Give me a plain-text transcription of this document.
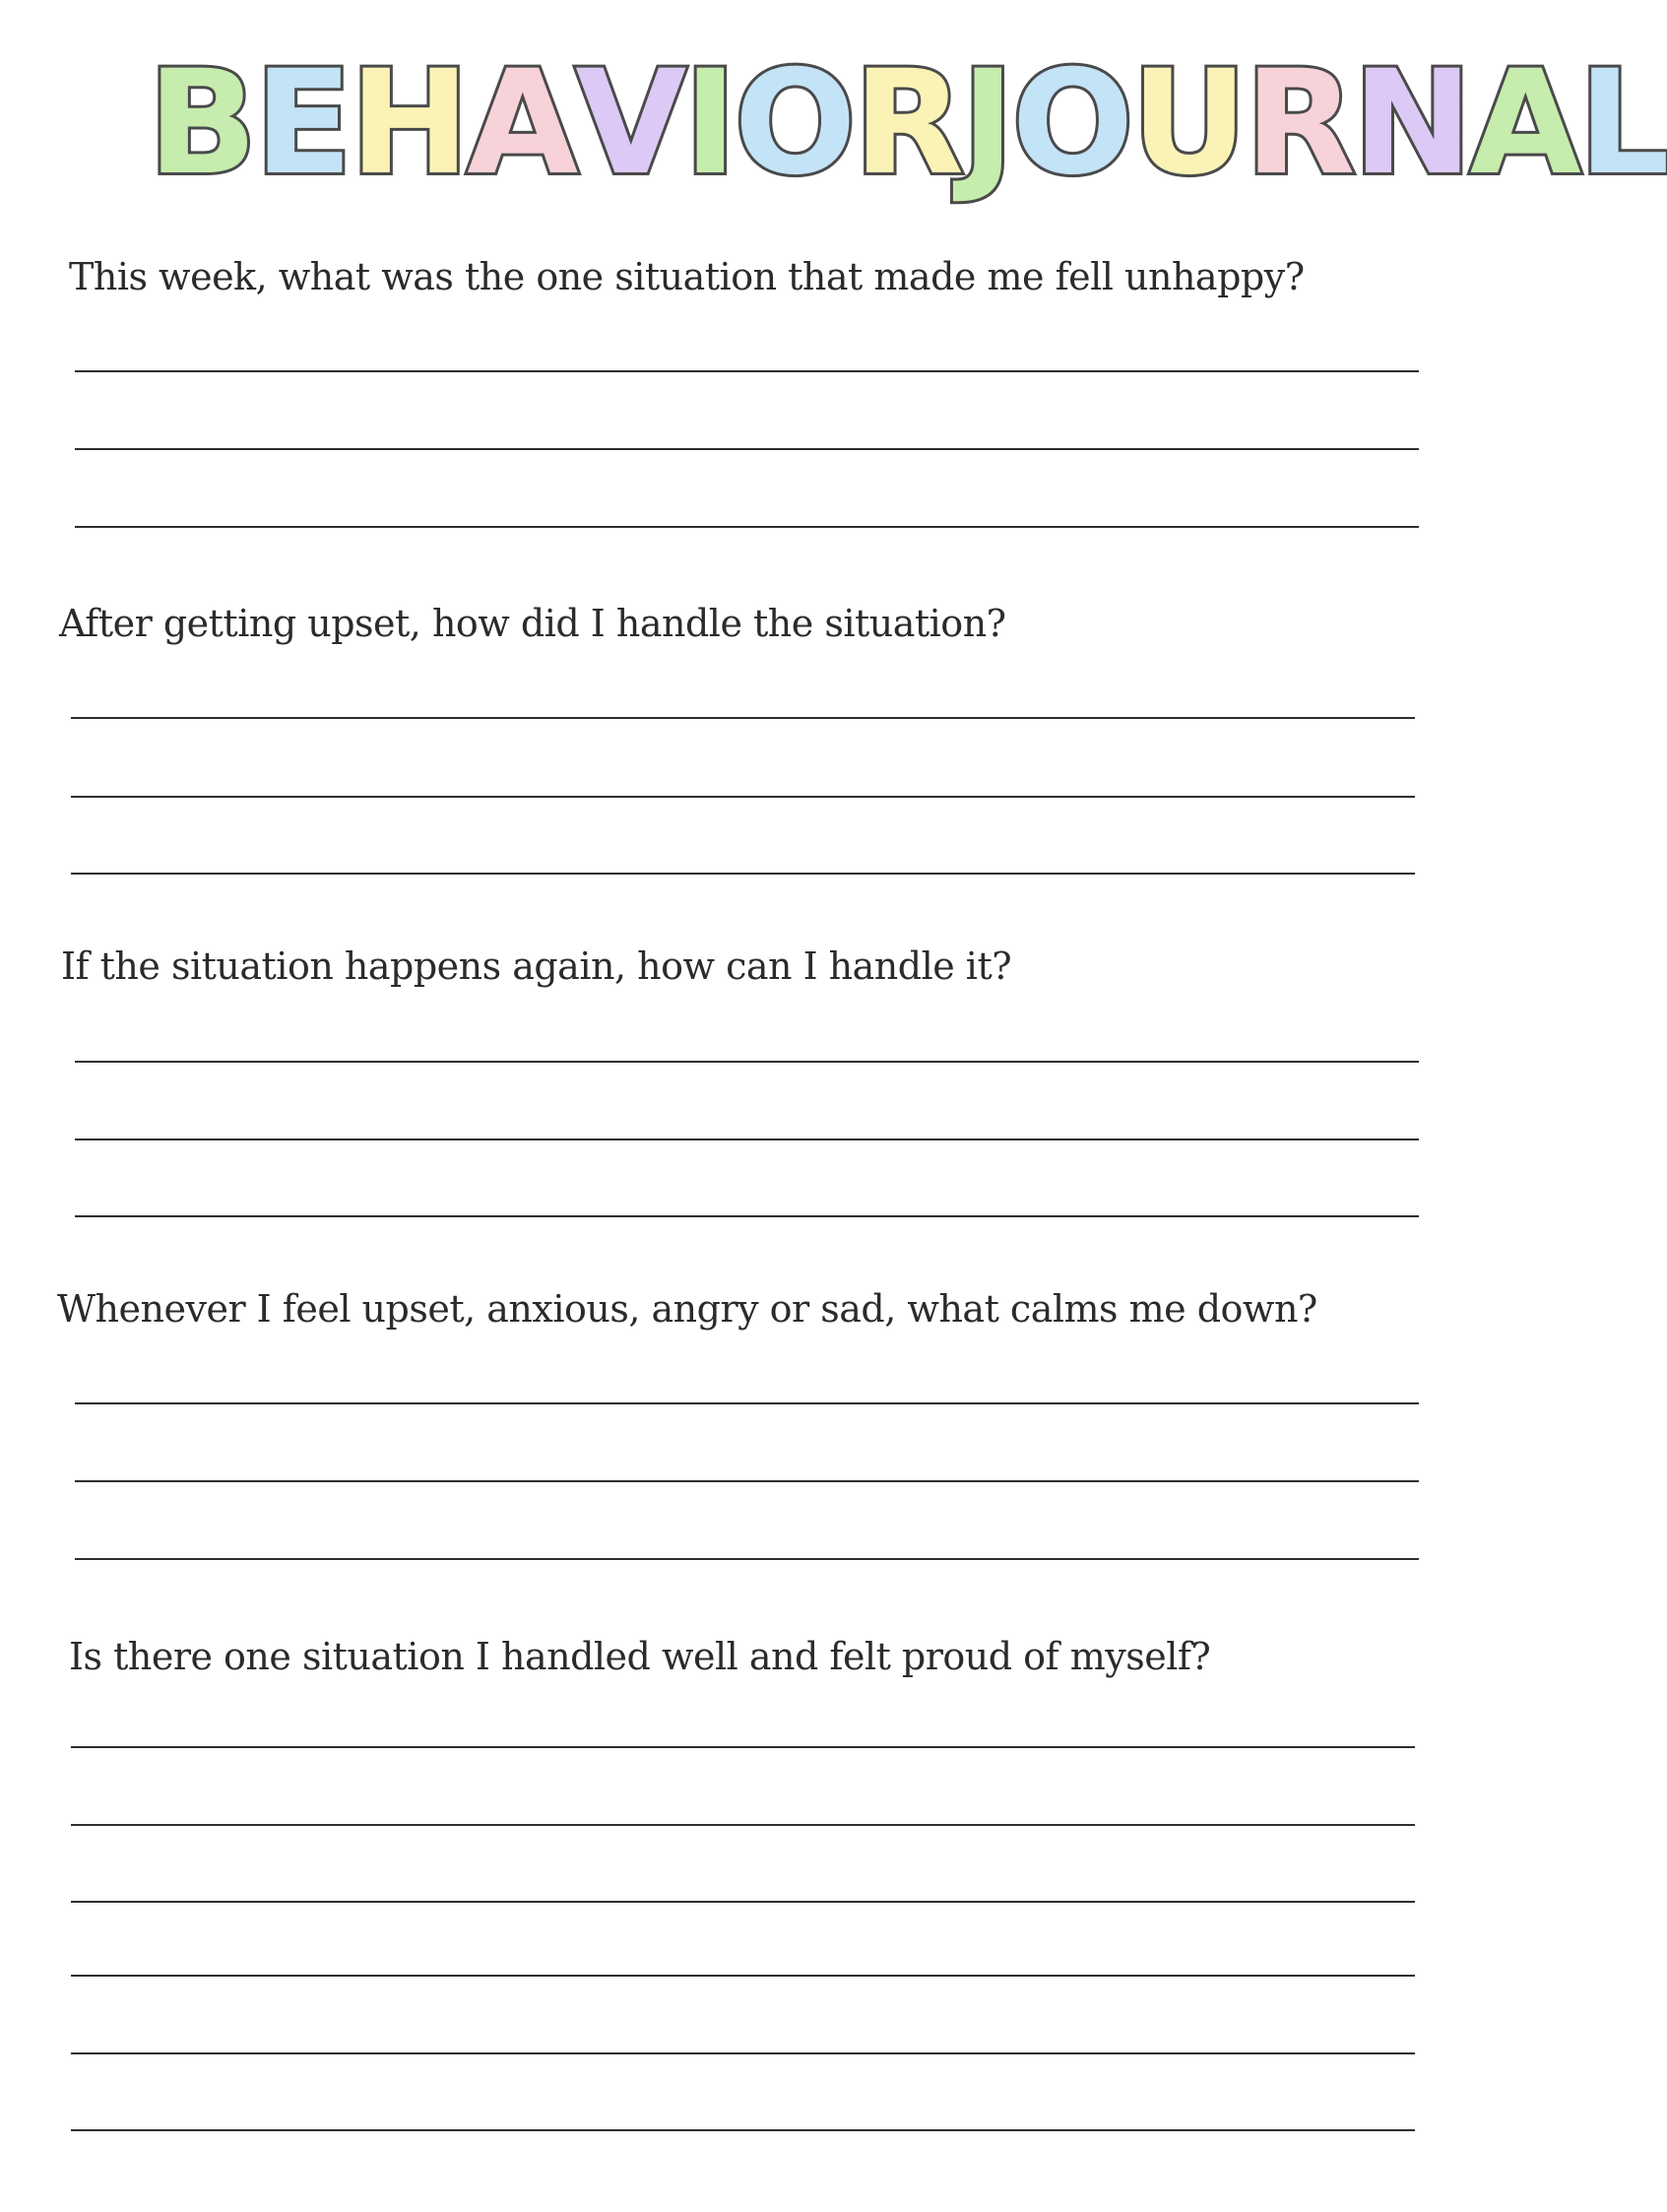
B E H A V I O R J O U R N A L
This week, what was the one situation that made me fell unhappy?
After getting upset, how did I handle the situation?
If the situation happens again, how can I handle it?
Whenever I feel upset, anxious, angry or sad, what calms me down?
Is there one situation I handled well and felt proud of myself?
